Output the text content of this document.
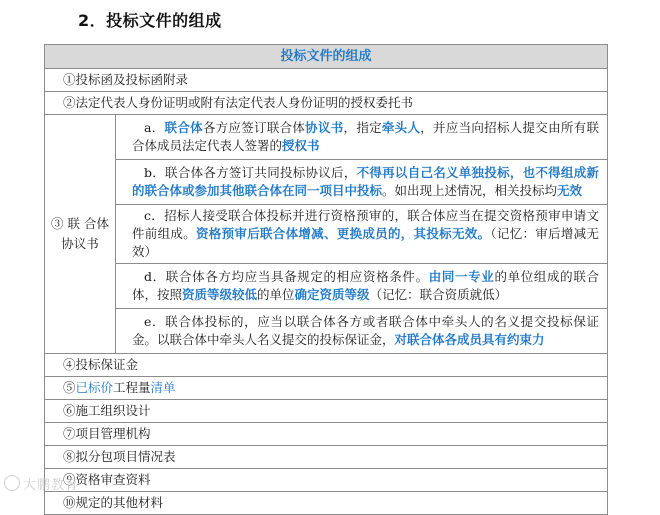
2．投标文件的组成
投标文件的组成
①投标函及投标函附录
②法定代表人身份证明或附有法定代表人身份证明的授权委托书
③ 联 合体协议书	a．联合体各方应签订联合体协议书，指定牵头人，并应当向招标人提交由所有联合体成员法定代表人签署的授权书
b．联合体各方签订共同投标协议后，不得再以自己名义单独投标，也不得组成新的联合体或参加其他联合体在同一项目中投标。如出现上述情况，相关投标均无效
c．招标人接受联合体投标并进行资格预审的，联合体应当在提交资格预审申请文件前组成。资格预审后联合体增减、更换成员的，其投标无效。（记忆：审后增减无效）
d．联合体各方均应当具备规定的相应资格条件。由同一专业的单位组成的联合体，按照资质等级较低的单位确定资质等级（记忆：联合资质就低）
e．联合体投标的，应当以联合体各方或者联合体中牵头人的名义提交投标保证金。以联合体中牵头人名义提交的投标保证金，对联合体各成员具有约束力
④投标保证金
⑤已标价工程量清单
⑥施工组织设计
⑦项目管理机构
⑧拟分包项目情况表
⑨资格审查资料
⑩规定的其他材料
大鹏教育
